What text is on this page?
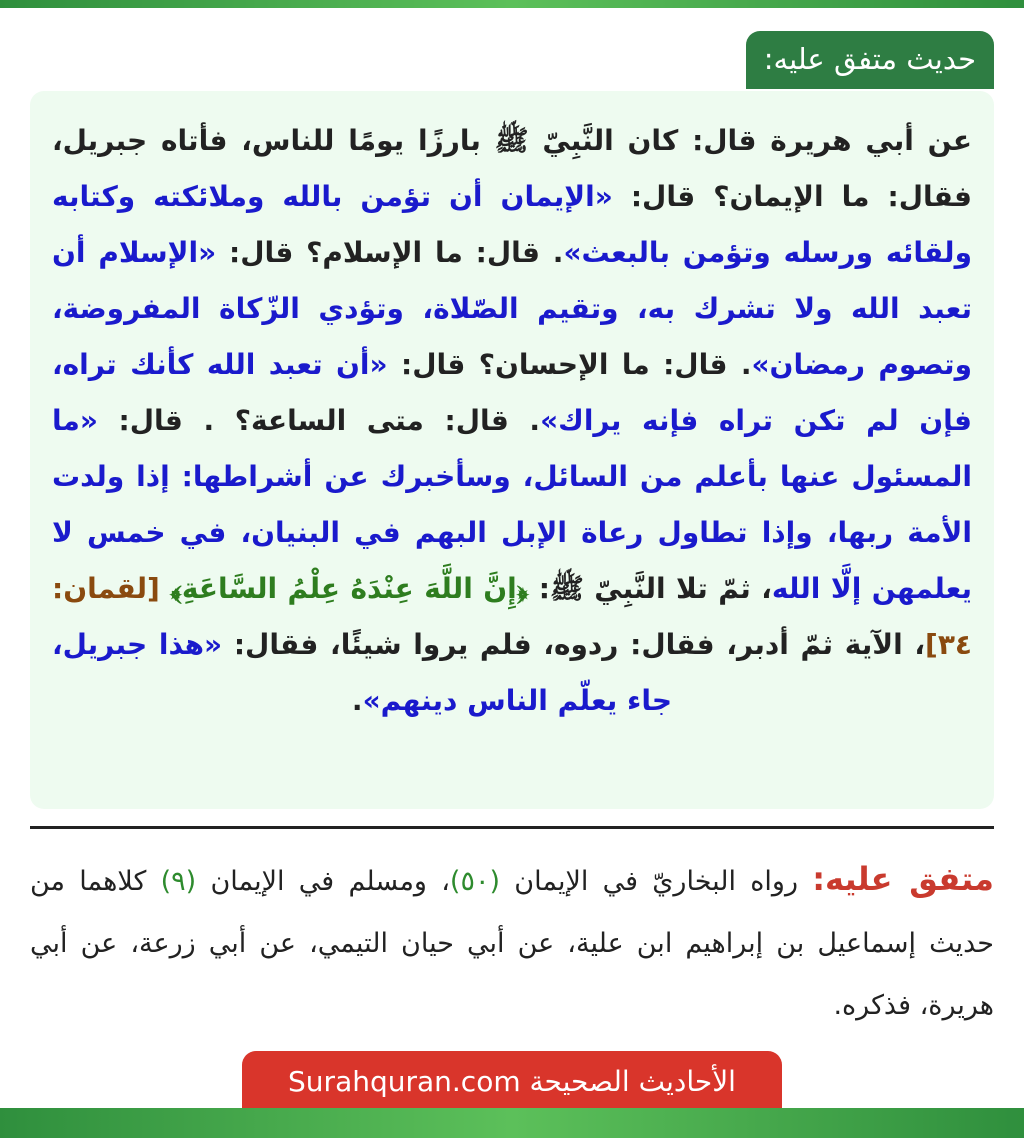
حديث متفق عليه:

عن أبي هريرة قال: كان النَّبِيّ ﷺ بارزًا يومًا للناس، فأتاه جبريل، فقال: ما الإيمان؟ قال: «الإيمان أن تؤمن بالله وملائكته وكتابه ولقائه ورسله وتؤمن بالبعث». قال: ما الإسلام؟ قال: «الإسلام أن تعبد الله ولا تشرك به، وتقيم الصّلاة، وتؤدي الزّكاة المفروضة، وتصوم رمضان». قال: ما الإحسان؟ قال: «أن تعبد الله كأنك تراه، فإن لم تكن تراه فإنه يراك». قال: متى الساعة؟ . قال: «ما المسئول عنها بأعلم من السائل، وسأخبرك عن أشراطها: إذا ولدت الأمة ربها، وإذا تطاول رعاة الإبل البهم في البنيان، في خمس لا يعلمهن إلَّا الله، ثمّ تلا النَّبِيّ ﷺ: ﴿إِنَّ اللَّهَ عِنْدَهُ عِلْمُ السَّاعَةِ﴾ [لقمان: ٣٤]، الآية ثمّ أدبر، فقال: ردوه، فلم يروا شيئًا، فقال: «هذا جبريل، جاء يعلّم الناس دينهم».

متفق عليه: رواه البخاريّ في الإيمان (٥٠)، ومسلم في الإيمان (٩) كلاهما من حديث إسماعيل بن إبراهيم ابن علية، عن أبي حيان التيمي، عن أبي زرعة، عن أبي هريرة، فذكره.

الأحاديث الصحيحة Surahquran.com
